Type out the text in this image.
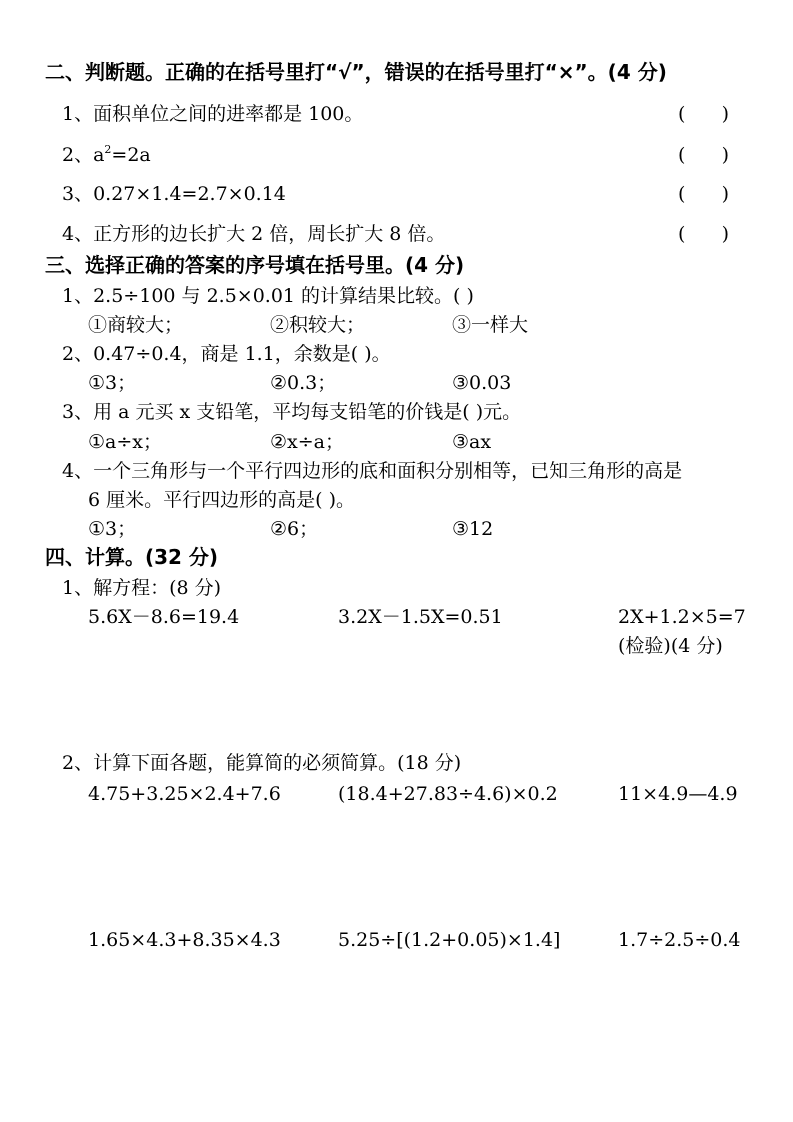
二、判断题。正确的在括号里打“√”，错误的在括号里打“×”。(4 分)
1、面积单位之间的进率都是 100。	(      )
2、$a^2=2a$	(      )
3、0.27×1.4=2.7×0.14	(      )
4、正方形的边长扩大 2 倍，周长扩大 8 倍。	(      )
三、选择正确的答案的序号填在括号里。(4 分)
1、2.5÷100 与 2.5×0.01 的计算结果比较。( )
①商较大；	②积较大；	③一样大
2、0.47÷0.4，商是 1.1，余数是( )。
①3；	②0.3；	③0.03
3、用 a 元买 x 支铅笔，平均每支铅笔的价钱是( )元。
①a÷x；	②x÷a；	③ax
4、一个三角形与一个平行四边形的底和面积分别相等，已知三角形的高是
6 厘米。平行四边形的高是( )。
①3；	②6；	③12
四、计算。(32 分)
1、解方程：(8 分)
5.6X－8.6=19.4	3.2X－1.5X=0.51	2X+1.2×5=7
(检验)(4 分)
2、计算下面各题，能算简的必须简算。(18 分)
4.75+3.25×2.4+7.6	(18.4+27.83÷4.6)×0.2	11×4.9—4.9
1.65×4.3+8.35×4.3	5.25÷[(1.2+0.05)×1.4]	1.7÷2.5÷0.4
